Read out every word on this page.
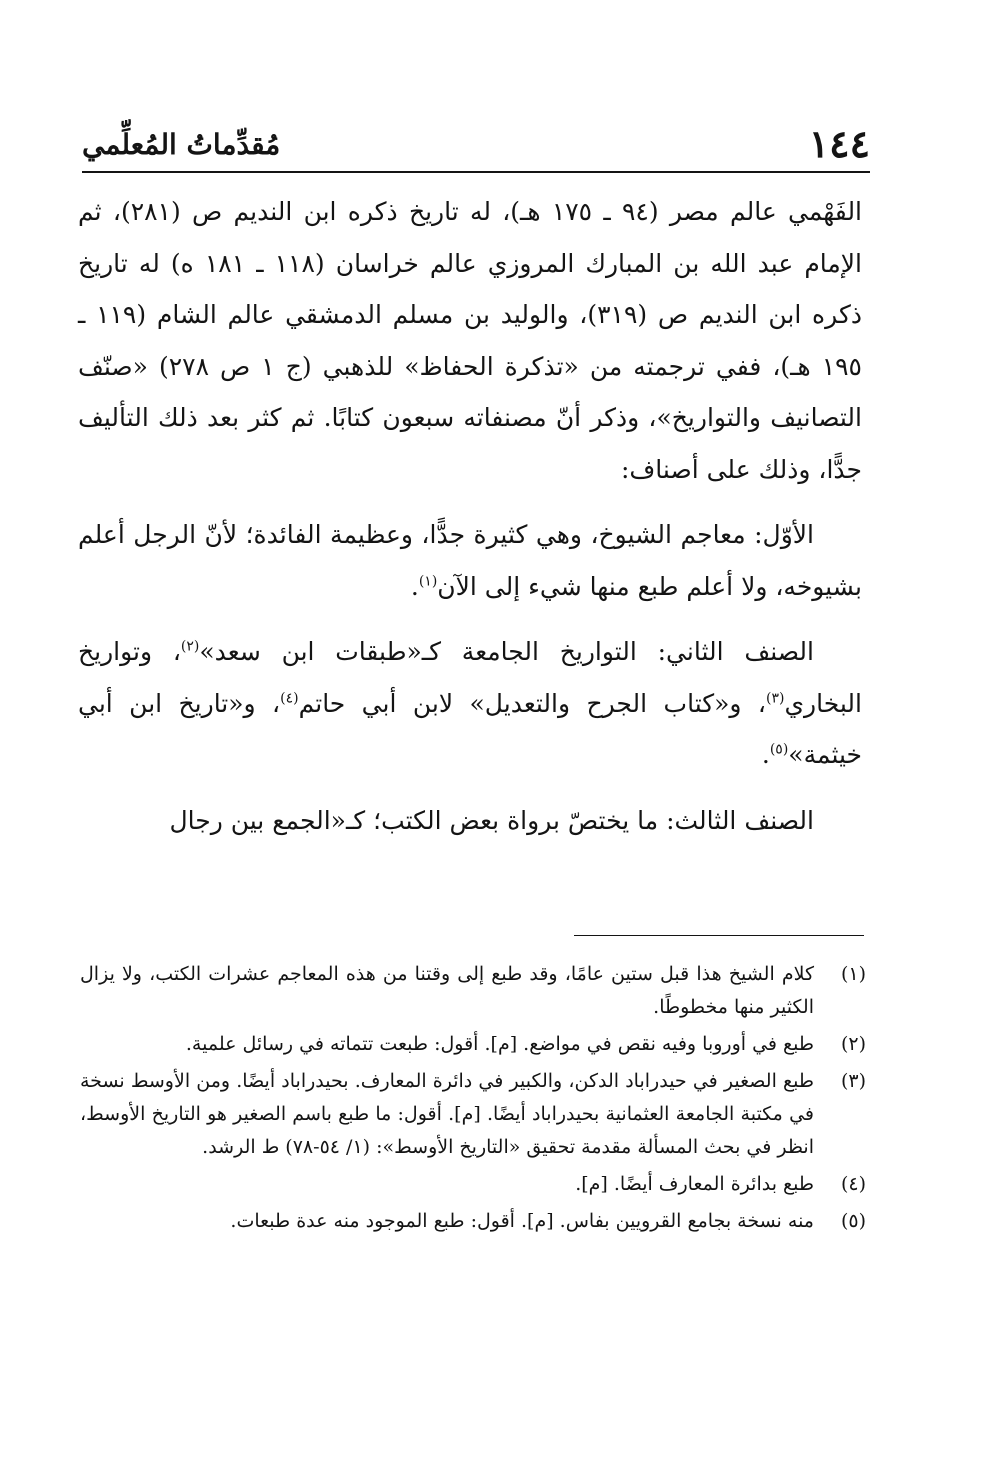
١٤٤
مُقدِّماتُ المُعلِّمي

الفَهْمي عالم مصر (٩٤ ـ ١٧٥ هـ)، له تاريخ ذكره ابن النديم ص (٢٨١)، ثم الإمام عبد الله بن المبارك المروزي عالم خراسان (١١٨ ـ ١٨١ ه) له تاريخ ذكره ابن النديم ص (٣١٩)، والوليد بن مسلم الدمشقي عالم الشام (١١٩ ـ ١٩٥ هـ)، ففي ترجمته من «تذكرة الحفاظ» للذهبي (ج ١ ص ٢٧٨) «صنّف التصانيف والتواريخ»، وذكر أنّ مصنفاته سبعون كتابًا. ثم كثر بعد ذلك التأليف جدًّا، وذلك على أصناف:

الأوّل: معاجم الشيوخ، وهي كثيرة جدًّا، وعظيمة الفائدة؛ لأنّ الرجل أعلم بشيوخه، ولا أعلم طبع منها شيء إلى الآن$^{(١)}$.

الصنف الثاني: التواريخ الجامعة كـ«طبقات ابن سعد»$^{(٢)}$، وتواريخ البخاري$^{(٣)}$، و«كتاب الجرح والتعديل» لابن أبي حاتم$^{(٤)}$، و«تاريخ ابن أبي خيثمة»$^{(٥)}$.

الصنف الثالث: ما يختصّ برواة بعض الكتب؛ كـ«الجمع بين رجال

(١)
كلام الشيخ هذا قبل ستين عامًا، وقد طبع إلى وقتنا من هذه المعاجم عشرات الكتب، ولا يزال الكثير منها مخطوطًا.
(٢)
طبع في أوروبا وفيه نقص في مواضع. [م]. أقول: طبعت تتماته في رسائل علمية.
(٣)
طبع الصغير في حيدراباد الدكن، والكبير في دائرة المعارف. بحيدراباد أيضًا. ومن الأوسط نسخة في مكتبة الجامعة العثمانية بحيدراباد أيضًا. [م]. أقول: ما طبع باسم الصغير هو التاريخ الأوسط، انظر في بحث المسألة مقدمة تحقيق «التاريخ الأوسط»: (١/ ٥٤-٧٨) ط الرشد.
(٤)
طبع بدائرة المعارف أيضًا. [م].
(٥)
منه نسخة بجامع القرويين بفاس. [م]. أقول: طبع الموجود منه عدة طبعات.
